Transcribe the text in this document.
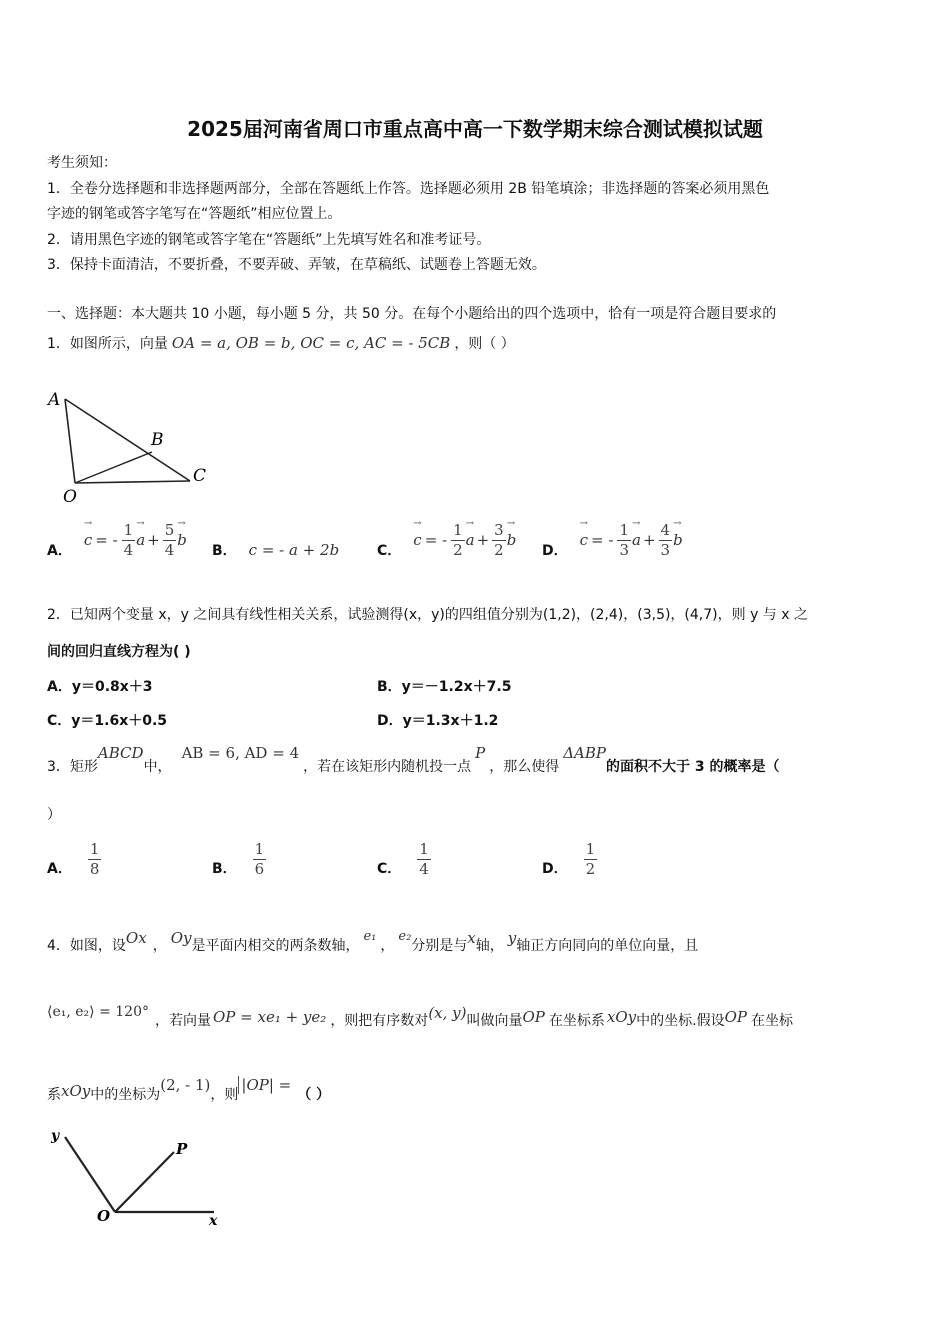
2025届河南省周口市重点高中高一下数学期末综合测试模拟试题
考生须知：
1．全卷分选择题和非选择题两部分，全部在答题纸上作答。选择题必须用 2B 铅笔填涂；非选择题的答案必须用黑色
字迹的钢笔或答字笔写在“答题纸”相应位置上。
2．请用黑色字迹的钢笔或答字笔在“答题纸”上先填写姓名和准考证号。
3．保持卡面清洁，不要折叠，不要弄破、弄皱，在草稿纸、试题卷上答题无效。
一、选择题：本大题共 10 小题，每小题 5 分，共 50 分。在每个小题给出的四个选项中，恰有一项是符合题目要求的
1．如图所示，向量 OA = a, OB = b, OC = c, AC = - 5CB ，则（ ）
A
B
C
O
A．
→ c = - $\frac{1}{4}$
→ $a + \frac{5}{4}$
→ b
B． c = - a + 2b	C．
→ c = - $\frac{1}{2}$
→ $a + \frac{3}{2}$
→ b
D．
→ c = - $\frac{1}{3}$
→ $a + \frac{4}{3}$
→ b
2．已知两个变量 x，y 之间具有线性相关关系，试验测得(x，y)的四组值分别为(1,2)，(2,4)，(3,5)，(4,7)，则 y 与 x 之
间的回归直线方程为( )
A．y＝0.8x＋3	B．y＝－1.2x＋7.5
C．y＝1.6x＋0.5	D．y＝1.3x＋1.2
3．矩形
ABCD
中，
AB = 6, AD = 4
，若在该矩形内随机投一点
P
，那么使得
ΔABP
的面积不大于 3 的概率是（
）
A． $\frac{1}{8}$	B． $\frac{1}{6}$	C． $\frac{1}{4}$	D． $\frac{1}{2}$
4．如图，设 Ox ， Oy 是平面内相交的两条数轴，
e₁
，
e₂
分别是与 x 轴， y 轴正方向同向的单位向量，且
⟨e₁, e₂⟩ = 120°
，若向量 OP = xe₁ + ye₂ ，则把有序数对 (x, y) 叫做向量 OP 在坐标系 xOy 中的坐标.假设 OP 在坐标
系 xOy 中的坐标为
(2, - 1)
，则
|OP| =
（ ）
y
P
O	x
